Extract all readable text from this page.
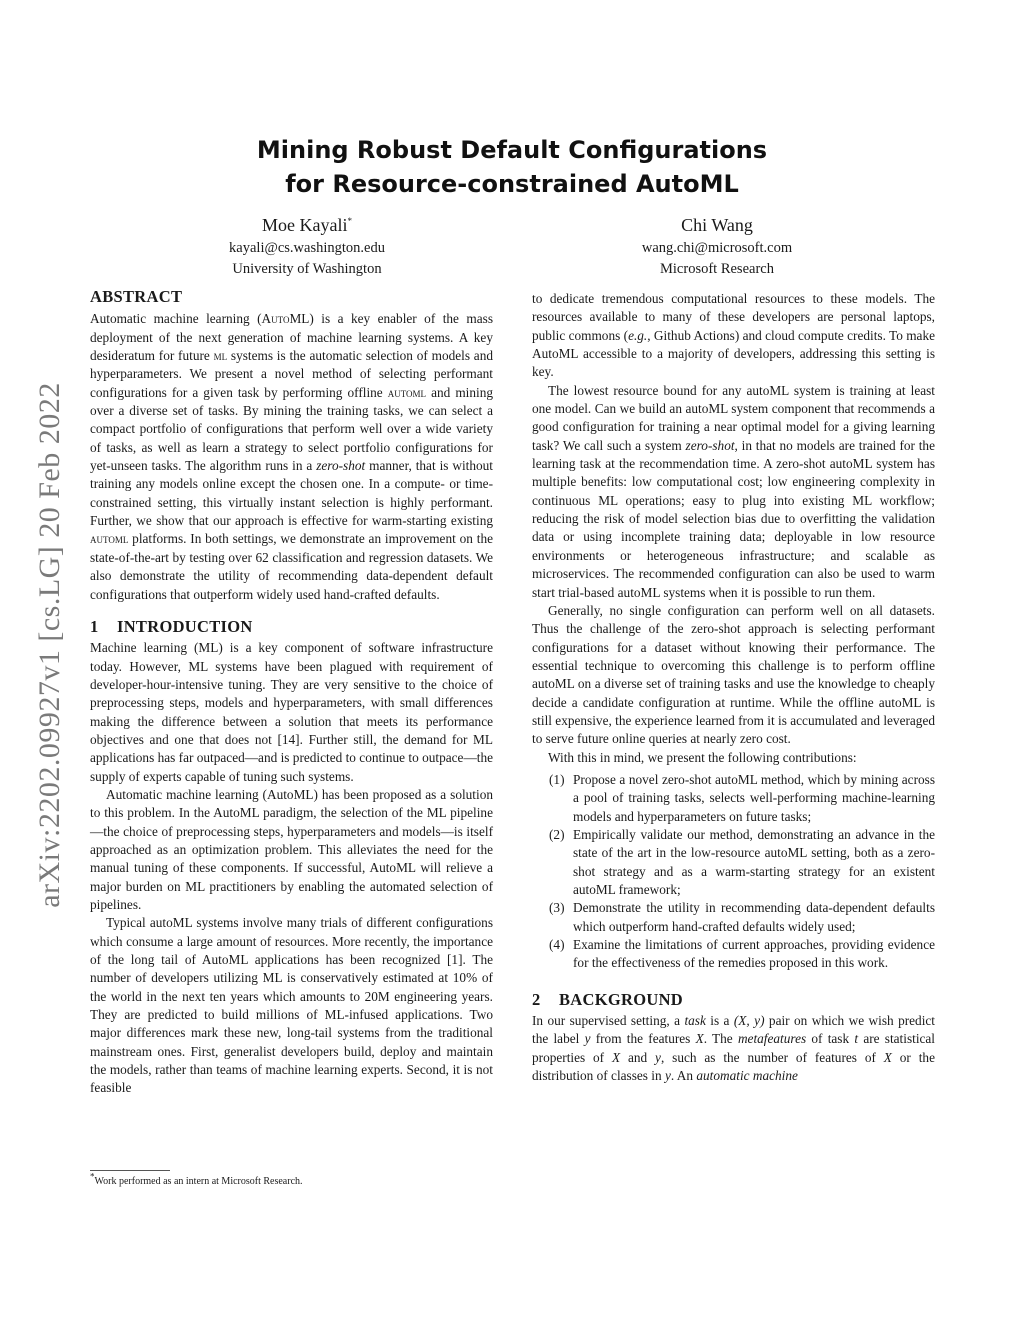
arXiv:2202.09927v1 [cs.LG] 20 Feb 2022
Mining Robust Default Configurations
for Resource-constrained AutoML
Moe Kayali*
kayali@cs.washington.edu
University of Washington
Chi Wang
wang.chi@microsoft.com
Microsoft Research
ABSTRACT

Automatic machine learning (AutoML) is a key enabler of the mass deployment of the next generation of machine learning systems. A key desideratum for future ml systems is the automatic selection of models and hyperparameters. We present a novel method of selecting performant configurations for a given task by performing offline automl and mining over a diverse set of tasks. By mining the training tasks, we can select a compact portfolio of configurations that perform well over a wide variety of tasks, as well as learn a strategy to select portfolio configurations for yet-unseen tasks. The algorithm runs in a zero-shot manner, that is without training any models online except the chosen one. In a compute- or time-constrained setting, this virtually instant selection is highly performant. Further, we show that our approach is effective for warm-starting existing automl platforms. In both settings, we demonstrate an improvement on the state-of-the-art by testing over 62 classification and regression datasets. We also demonstrate the utility of recommending data-dependent default configurations that outperform widely used hand-crafted defaults.

1 INTRODUCTION

Machine learning (ML) is a key component of software infrastructure today. However, ML systems have been plagued with requirement of developer-hour-intensive tuning. They are very sensitive to the choice of preprocessing steps, models and hyperparameters, with small differences making the difference between a solution that meets its performance objectives and one that does not [14]. Further still, the demand for ML applications has far outpaced—and is predicted to continue to outpace—the supply of experts capable of tuning such systems.

Automatic machine learning (AutoML) has been proposed as a solution to this problem. In the AutoML paradigm, the selection of the ML pipeline—the choice of preprocessing steps, hyperparameters and models—is itself approached as an optimization problem. This alleviates the need for the manual tuning of these components. If successful, AutoML will relieve a major burden on ML practitioners by enabling the automated selection of pipelines.

Typical autoML systems involve many trials of different configurations which consume a large amount of resources. More recently, the importance of the long tail of AutoML applications has been recognized [1]. The number of developers utilizing ML is conservatively estimated at 10% of the world in the next ten years which amounts to 20M engineering years. They are predicted to build millions of ML-infused applications. Two major differences mark these new, long-tail systems from the traditional mainstream ones. First, generalist developers build, deploy and maintain the models, rather than teams of machine learning experts. Second, it is not feasible

to dedicate tremendous computational resources to these models. The resources available to many of these developers are personal laptops, public commons (e.g., Github Actions) and cloud compute credits. To make AutoML accessible to a majority of developers, addressing this setting is key.

The lowest resource bound for any autoML system is training at least one model. Can we build an autoML system component that recommends a good configuration for training a near optimal model for a giving learning task? We call such a system zero-shot, in that no models are trained for the learning task at the recommendation time. A zero-shot autoML system has multiple benefits: low computational cost; low engineering complexity in continuous ML operations; easy to plug into existing ML workflow; reducing the risk of model selection bias due to overfitting the validation data or using incomplete training data; deployable in low resource environments or heterogeneous infrastructure; and scalable as microservices. The recommended configuration can also be used to warm start trial-based autoML systems when it is possible to run them.

Generally, no single configuration can perform well on all datasets. Thus the challenge of the zero-shot approach is selecting performant configurations for a dataset without knowing their performance. The essential technique to overcoming this challenge is to perform offline autoML on a diverse set of training tasks and use the knowledge to cheaply decide a candidate configuration at runtime. While the offline autoML is still expensive, the experience learned from it is accumulated and leveraged to serve future online queries at nearly zero cost.

With this in mind, we present the following contributions:

(1) Propose a novel zero-shot autoML method, which by mining across a pool of training tasks, selects well-performing machine-learning models and hyperparameters on future tasks;
(2) Empirically validate our method, demonstrating an advance in the state of the art in the low-resource autoML setting, both as a zero-shot strategy and as a warm-starting strategy for an existent autoML framework;
(3) Demonstrate the utility in recommending data-dependent defaults which outperform hand-crafted defaults widely used;
(4) Examine the limitations of current approaches, providing evidence for the effectiveness of the remedies proposed in this work.
2 BACKGROUND

In our supervised setting, a task is a (X, y) pair on which we wish predict the label y from the features X. The metafeatures of task t are statistical properties of X and y, such as the number of features of X or the distribution of classes in y. An automatic machine

*Work performed as an intern at Microsoft Research.
